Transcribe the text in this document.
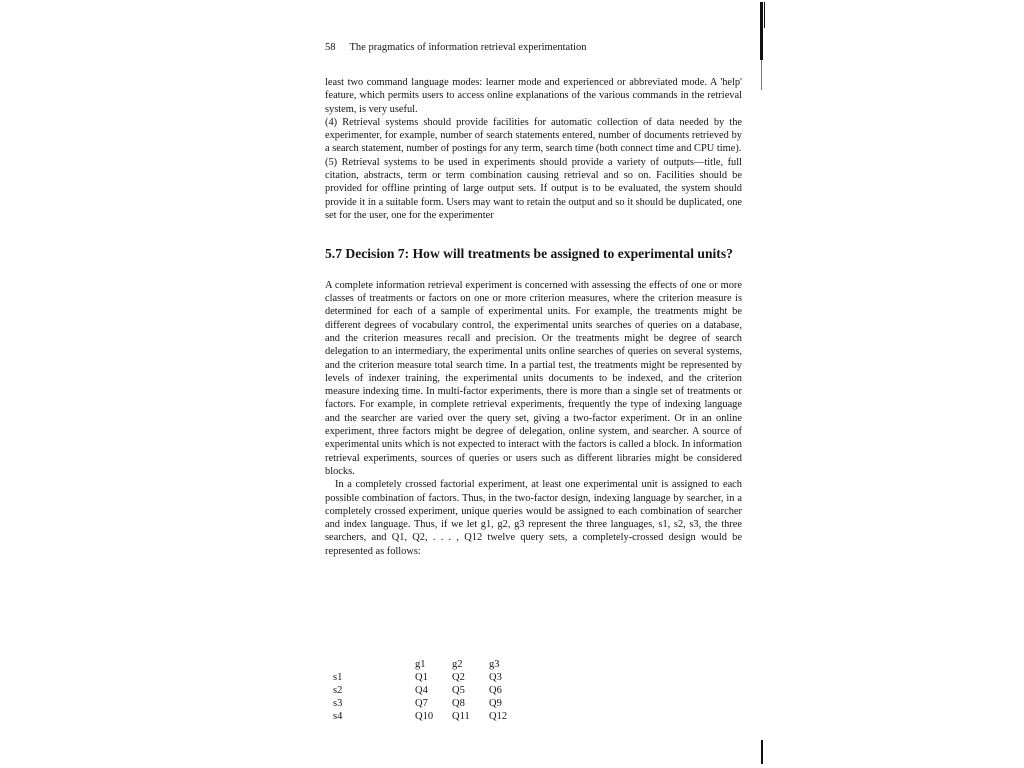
58 The pragmatics of information retrieval experimentation

least two command language modes: learner mode and experienced or abbreviated mode. A 'help' feature, which permits users to access online explanations of the various commands in the retrieval system, is very useful.

(4) Retrieval systems should provide facilities for automatic collection of data needed by the experimenter, for example, number of search statements entered, number of documents retrieved by a search statement, number of postings for any term, search time (both connect time and CPU time).

(5) Retrieval systems to be used in experiments should provide a variety of outputs—title, full citation, abstracts, term or term combination causing retrieval and so on. Facilities should be provided for offline printing of large output sets. If output is to be evaluated, the system should provide it in a suitable form. Users may want to retain the output and so it should be duplicated, one set for the user, one for the experimenter

5.7 Decision 7: How will treatments be assigned to experimental units?

A complete information retrieval experiment is concerned with assessing the effects of one or more classes of treatments or factors on one or more criterion measures, where the criterion measure is determined for each of a sample of experimental units. For example, the treatments might be different degrees of vocabulary control, the experimental units searches of queries on a database, and the criterion measures recall and precision. Or the treatments might be degree of search delegation to an intermediary, the experimental units online searches of queries on several systems, and the criterion measure total search time. In a partial test, the treatments might be represented by levels of indexer training, the experimental units documents to be indexed, and the criterion measure indexing time. In multi-factor experiments, there is more than a single set of treatments or factors. For example, in complete retrieval experiments, frequently the type of indexing language and the searcher are varied over the query set, giving a two-factor experiment. Or in an online experiment, three factors might be degree of delegation, online system, and searcher. A source of experimental units which is not expected to interact with the factors is called a block. In information retrieval experiments, sources of queries or users such as different libraries might be considered blocks.

In a completely crossed factorial experiment, at least one experimental unit is assigned to each possible combination of factors. Thus, in the two-factor design, indexing language by searcher, in a completely crossed experiment, unique queries would be assigned to each combination of searcher and index language. Thus, if we let g1, g2, g3 represent the three languages, s1, s2, s3, the three searchers, and Q1, Q2, . . . , Q12 twelve query sets, a completely-crossed design would be represented as follows:

	g1	g2	g3
s1	Q1	Q2	Q3
s2	Q4	Q5	Q6
s3	Q7	Q8	Q9
s4	Q10	Q11	Q12
